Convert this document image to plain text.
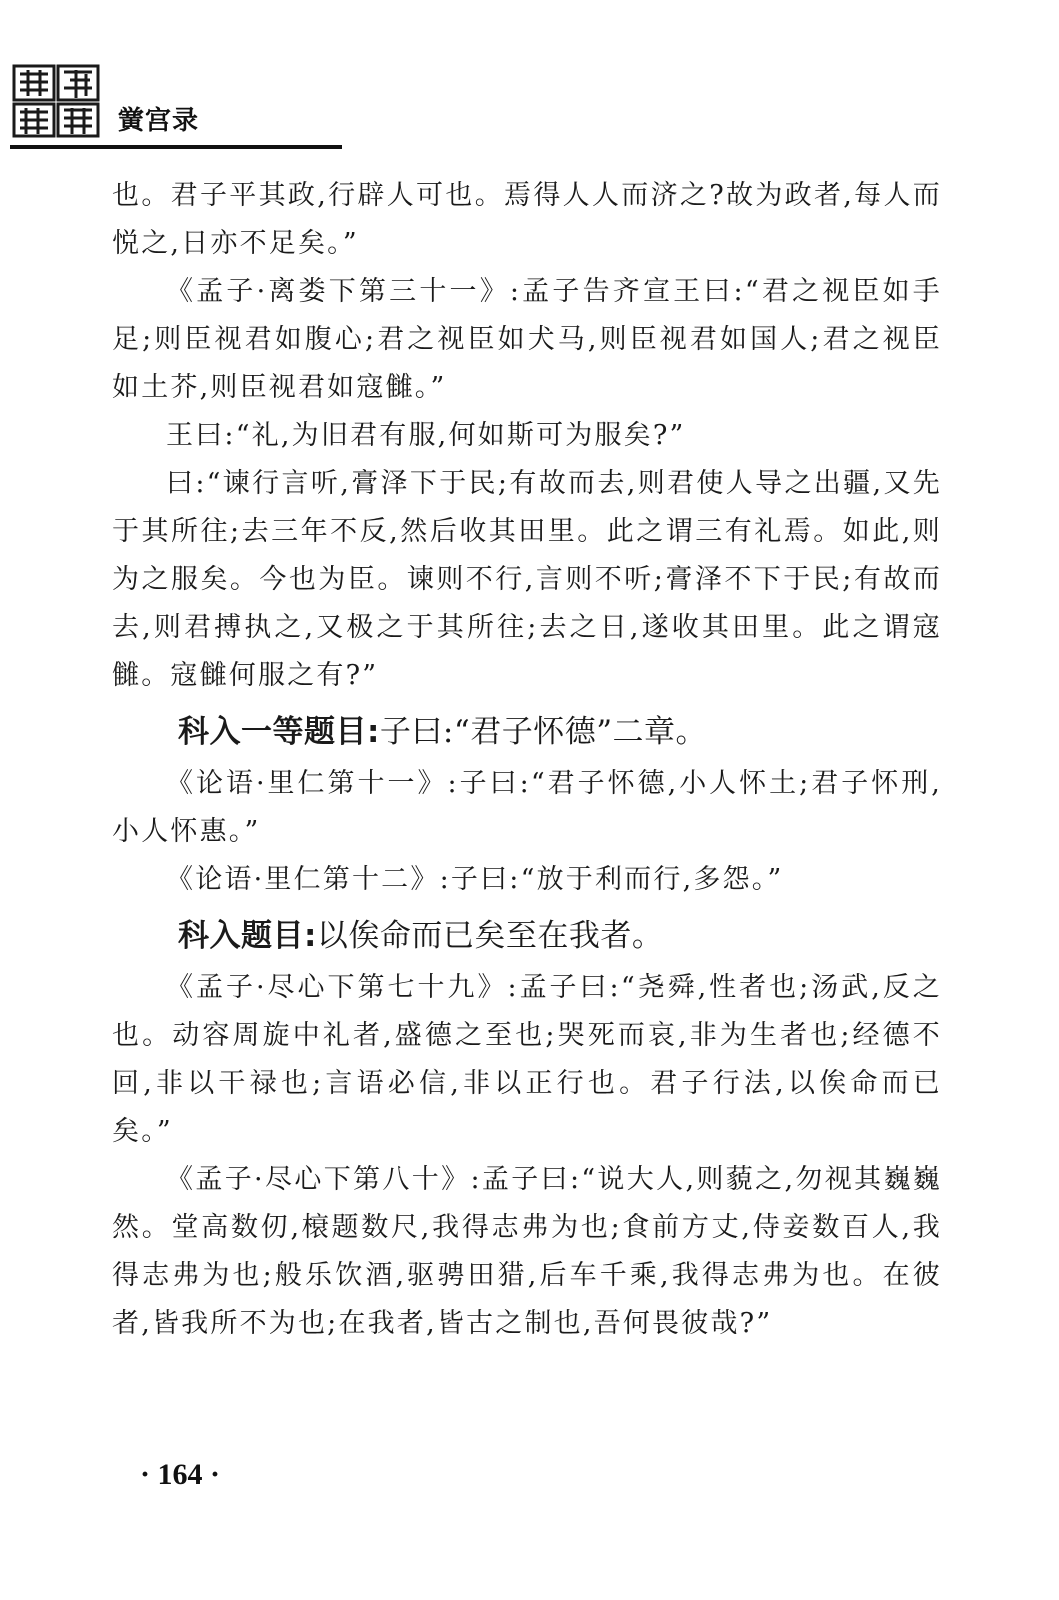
黉宫录

也。君子平其政,行辟人可也。焉得人人而济之?故为政者,每人而悦之,日亦不足矣。”

《孟子·离娄下第三十一》:孟子告齐宣王曰:“君之视臣如手足;则臣视君如腹心;君之视臣如犬马,则臣视君如国人;君之视臣如土芥,则臣视君如寇雠。”

王曰:“礼,为旧君有服,何如斯可为服矣?”

曰:“谏行言听,膏泽下于民;有故而去,则君使人导之出疆,又先于其所往;去三年不反,然后收其田里。此之谓三有礼焉。如此,则为之服矣。今也为臣。谏则不行,言则不听;膏泽不下于民;有故而去,则君搏执之,又极之于其所往;去之日,遂收其田里。此之谓寇雠。寇雠何服之有?”

科入一等题目:子曰:“君子怀德”二章。

《论语·里仁第十一》:子曰:“君子怀德,小人怀土;君子怀刑,小人怀惠。”

《论语·里仁第十二》:子曰:“放于利而行,多怨。”

科入题目:以俟命而已矣至在我者。

《孟子·尽心下第七十九》:孟子曰:“尧舜,性者也;汤武,反之也。动容周旋中礼者,盛德之至也;哭死而哀,非为生者也;经德不回,非以干禄也;言语必信,非以正行也。君子行法,以俟命而已矣。”

《孟子·尽心下第八十》:孟子曰:“说大人,则藐之,勿视其巍巍然。堂高数仞,榱题数尺,我得志弗为也;食前方丈,侍妾数百人,我得志弗为也;般乐饮酒,驱骋田猎,后车千乘,我得志弗为也。在彼者,皆我所不为也;在我者,皆古之制也,吾何畏彼哉?”

· 164 ·
